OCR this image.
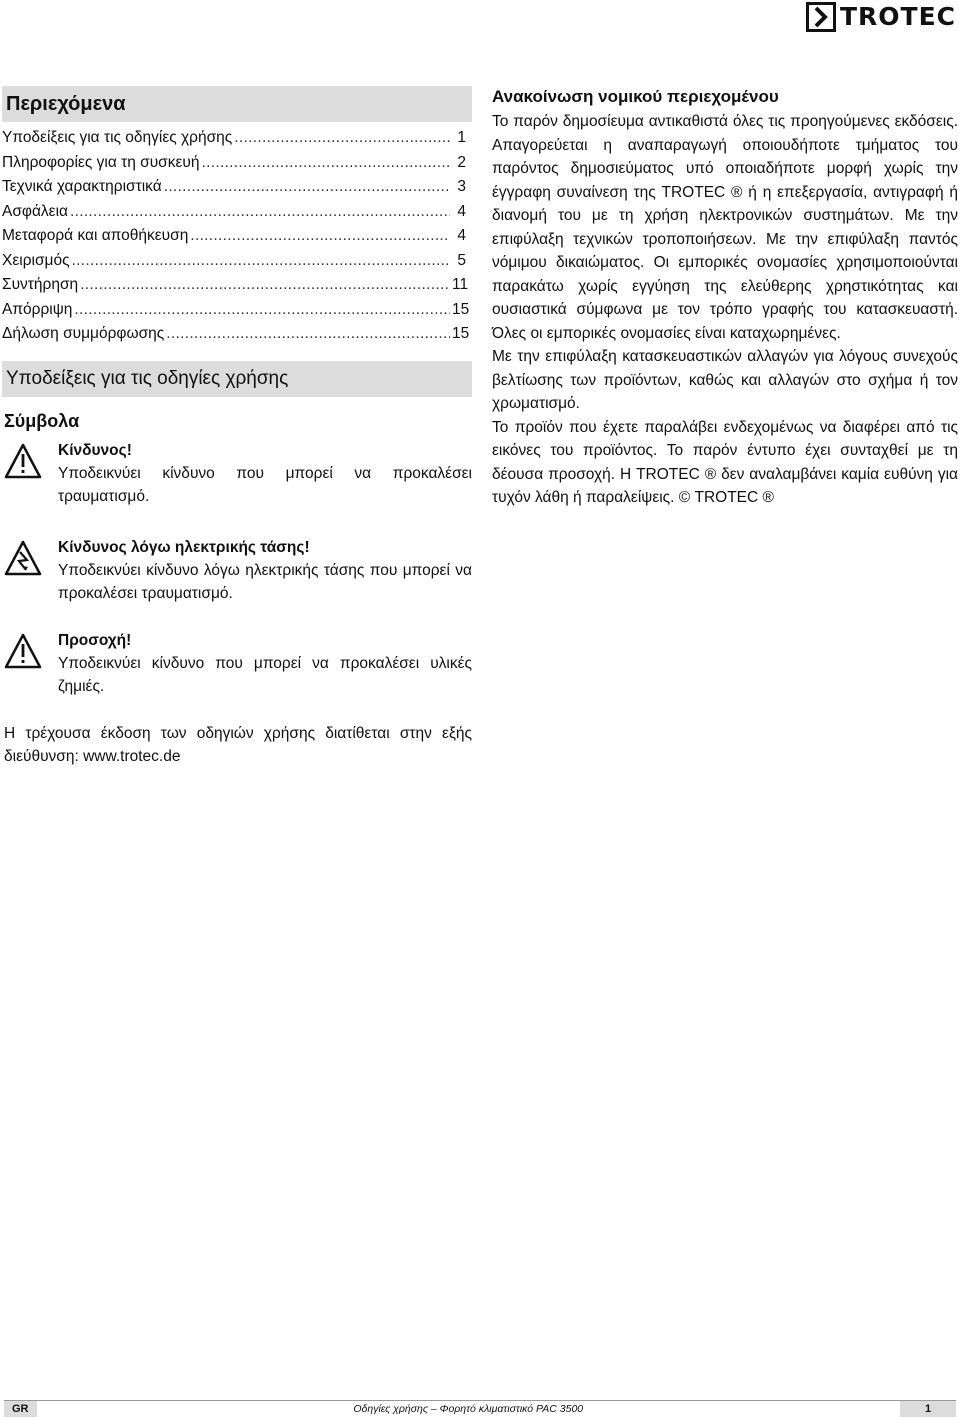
TROTEC
Περιεχόμενα
Υποδείξεις για τις οδηγίες χρήσης . . .	1
Πληροφορίες για τη συσκευή . . .	2
Τεχνικά χαρακτηριστικά . . .	3
Ασφάλεια . . .	4
Μεταφορά και αποθήκευση . . .	4
Χειρισμός . . .	5
Συντήρηση . . .	11
Απόρριψη . . .	15
Δήλωση συμμόρφωσης . . .	15
Υποδείξεις για τις οδηγίες χρήσης
Σύμβολα
Κίνδυνος!
Υποδεικνύει κίνδυνο που μπορεί να προκαλέσει τραυματισμό.
Κίνδυνος λόγω ηλεκτρικής τάσης!
Υποδεικνύει κίνδυνο λόγω ηλεκτρικής τάσης που μπορεί να προκαλέσει τραυματισμό.
Προσοχή!
Υποδεικνύει κίνδυνο που μπορεί να προκαλέσει υλικές ζημιές.
Η τρέχουσα έκδοση των οδηγιών χρήσης διατίθεται στην εξής διεύθυνση: www.trotec.de
Ανακοίνωση νομικού περιεχομένου

Το παρόν δημοσίευμα αντικαθιστά όλες τις προηγούμενες εκδόσεις. Απαγορεύεται η αναπαραγωγή οποιουδήποτε τμήματος του παρόντος δημοσιεύματος υπό οποιαδήποτε μορφή χωρίς την έγγραφη συναίνεση της TROTEC ® ή η επεξεργασία, αντιγραφή ή διανομή του με τη χρήση ηλεκτρονικών συστημάτων. Με την επιφύλαξη τεχνικών τροποποιήσεων. Με την επιφύλαξη παντός νόμιμου δικαιώματος. Οι εμπορικές ονομασίες χρησιμοποιούνται παρακάτω χωρίς εγγύηση της ελεύθερης χρηστικότητας και ουσιαστικά σύμφωνα με τον τρόπο γραφής του κατασκευαστή. Όλες οι εμπορικές ονομασίες είναι καταχωρημένες.

Με την επιφύλαξη κατασκευαστικών αλλαγών για λόγους συνεχούς βελτίωσης των προϊόντων, καθώς και αλλαγών στο σχήμα ή τον χρωματισμό.

Το προϊόν που έχετε παραλάβει ενδεχομένως να διαφέρει από τις εικόνες του προϊόντος. Το παρόν έντυπο έχει συνταχθεί με τη δέουσα προσοχή. Η TROTEC ® δεν αναλαμβάνει καμία ευθύνη για τυχόν λάθη ή παραλείψεις. © TROTEC ®

GR	Οδηγίες χρήσης – Φορητό κλιματιστικό PAC 3500	1
